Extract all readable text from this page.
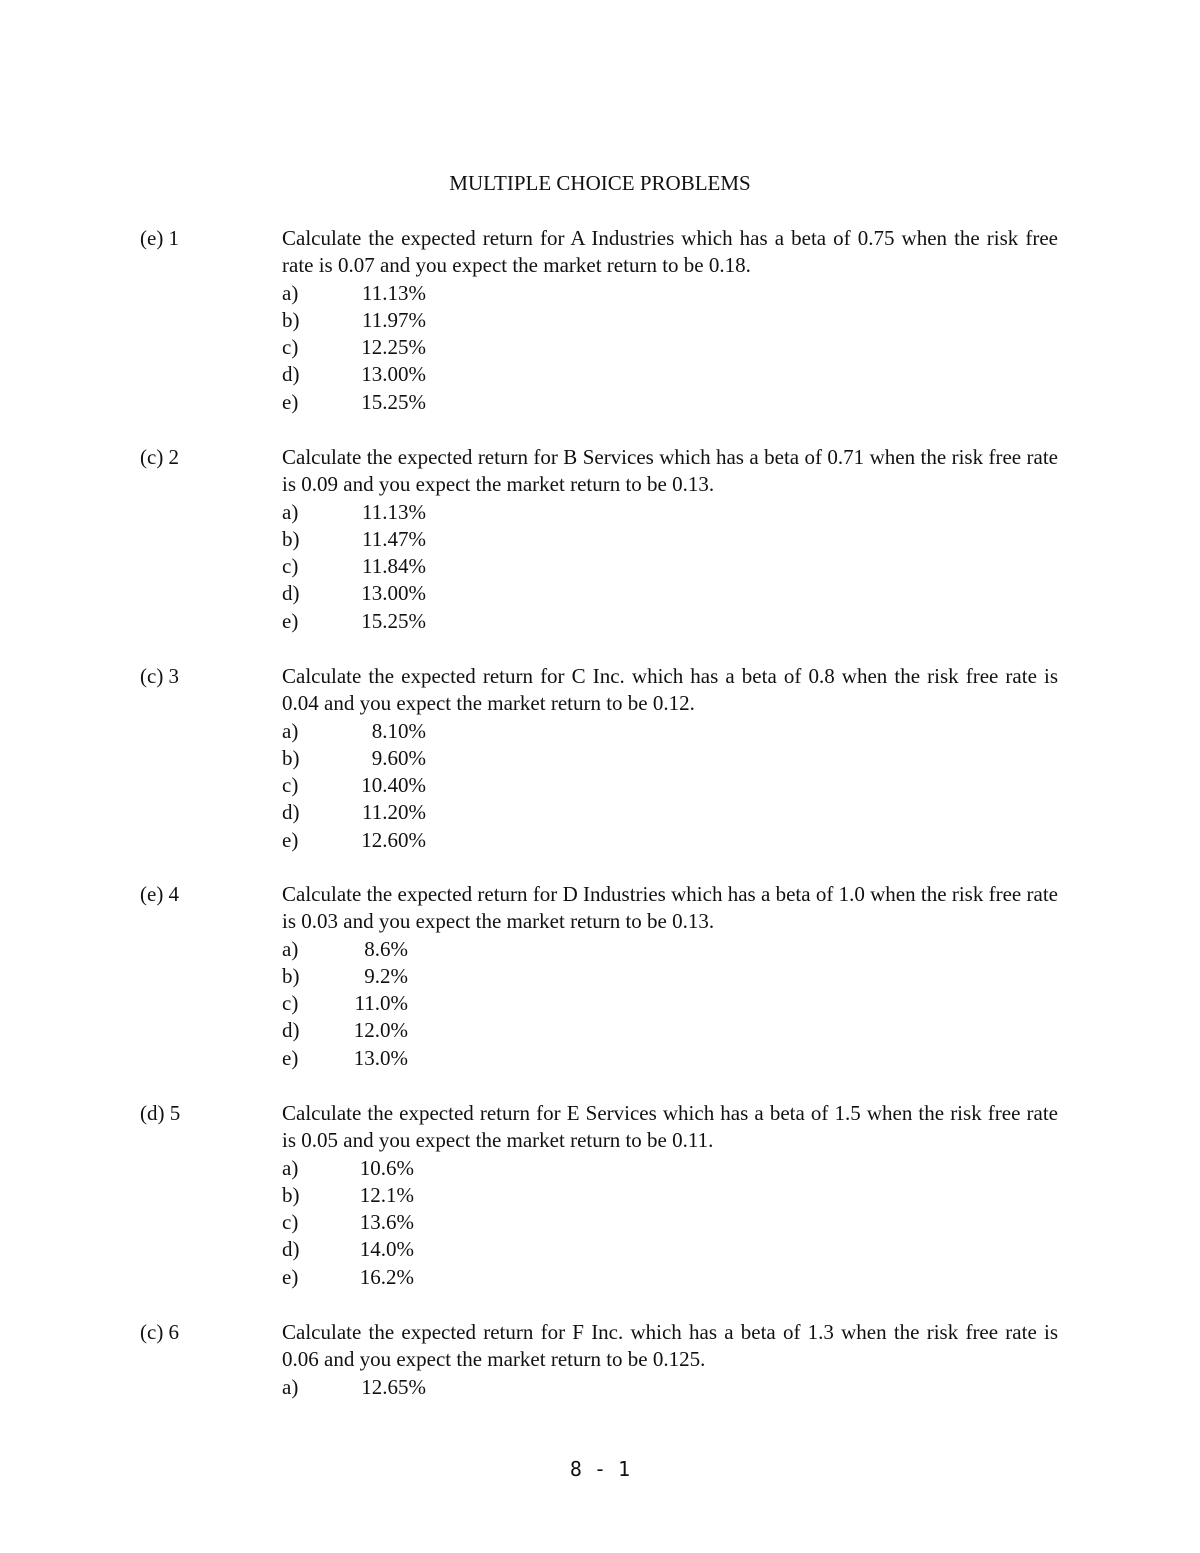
MULTIPLE CHOICE PROBLEMS
(e) 1	Calculate the expected return for A Industries which has a beta of 0.75 when the risk free rate is 0.07 and you expect the market return to be 0.18.

a)	11.13%
b)	11.97%
c)	12.25%
d)	13.00%
e)	15.25%
(c) 2	Calculate the expected return for B Services which has a beta of 0.71 when the risk free rate is 0.09 and you expect the market return to be 0.13.

a)	11.13%
b)	11.47%
c)	11.84%
d)	13.00%
e)	15.25%
(c) 3	Calculate the expected return for C Inc. which has a beta of 0.8 when the risk free rate is 0.04 and you expect the market return to be 0.12.

a)	8.10%
b)	9.60%
c)	10.40%
d)	11.20%
e)	12.60%
(e) 4	Calculate the expected return for D Industries which has a beta of 1.0 when the risk free rate is 0.03 and you expect the market return to be 0.13.

a)	8.6%
b)	9.2%
c)	11.0%
d)	12.0%
e)	13.0%
(d) 5	Calculate the expected return for E Services which has a beta of 1.5 when the risk free rate is 0.05 and you expect the market return to be 0.11.

a)	10.6%
b)	12.1%
c)	13.6%
d)	14.0%
e)	16.2%
(c) 6	Calculate the expected return for F Inc. which has a beta of 1.3 when the risk free rate is 0.06 and you expect the market return to be 0.125.

a)	12.65%
8 - 1
